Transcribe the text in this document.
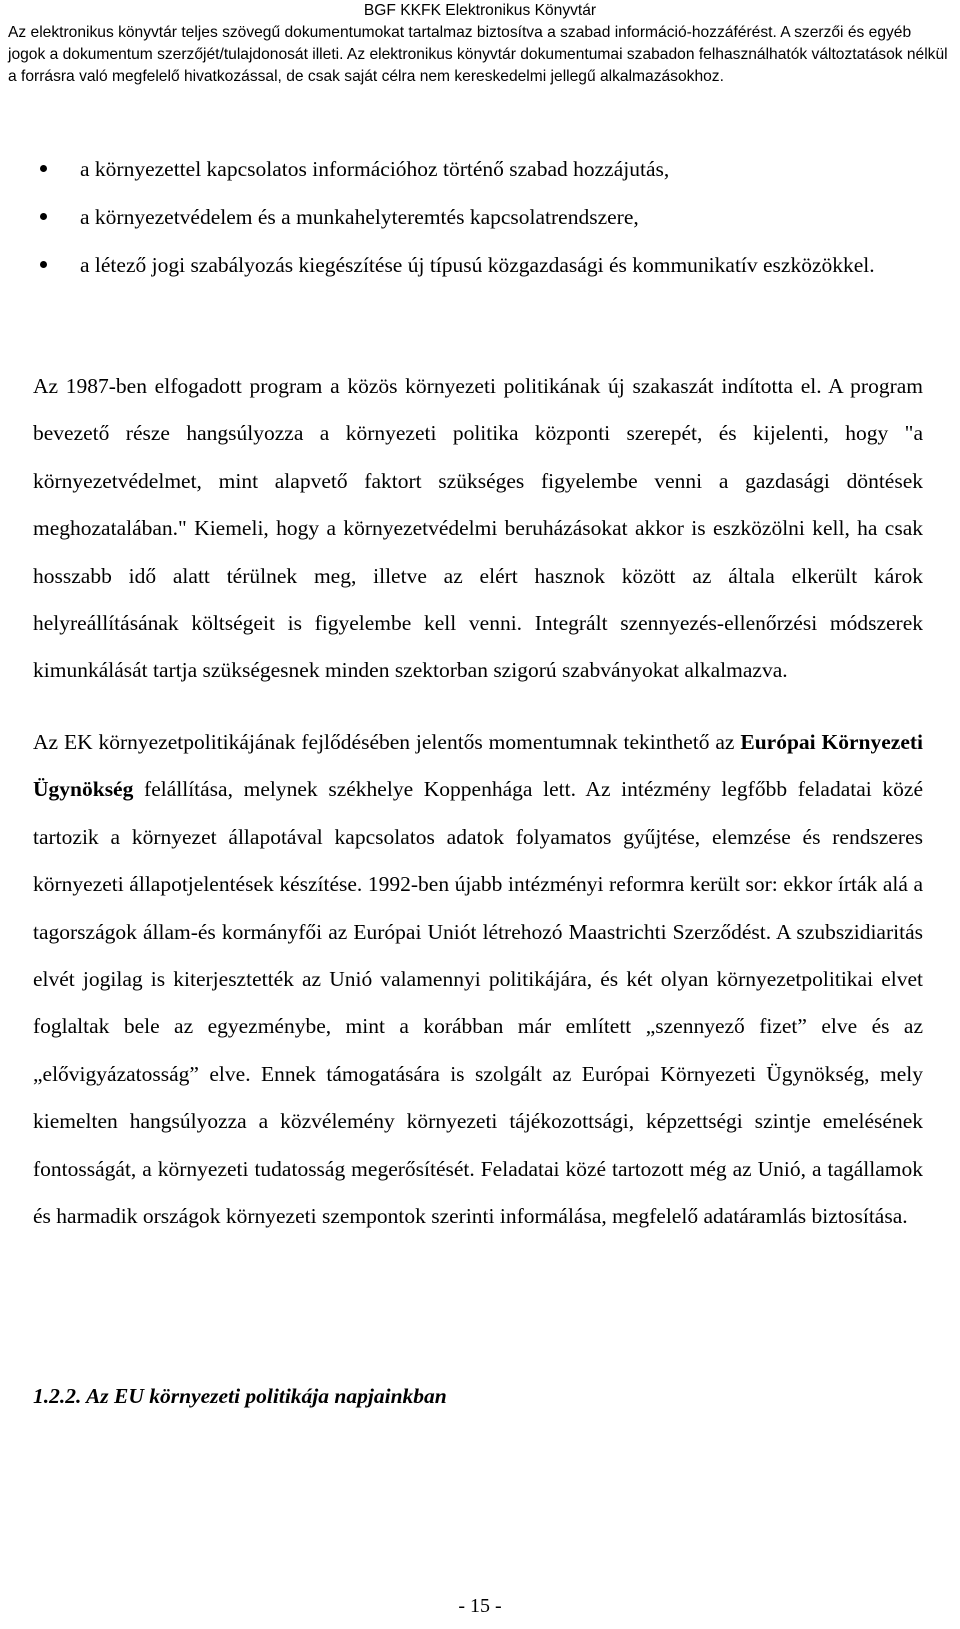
BGF KKFK Elektronikus Könyvtár
Az elektronikus könyvtár teljes szövegű dokumentumokat tartalmaz biztosítva a szabad információ-hozzáférést. A szerzői és egyéb jogok a dokumentum szerzőjét/tulajdonosát illeti. Az elektronikus könyvtár dokumentumai szabadon felhasználhatók változtatások nélkül a forrásra való megfelelő hivatkozással, de csak saját célra nem kereskedelmi jellegű alkalmazásokhoz.
a környezettel kapcsolatos információhoz történő szabad hozzájutás,
a környezetvédelem és a munkahelyteremtés kapcsolatrendszere,
a létező jogi szabályozás kiegészítése új típusú közgazdasági és kommunikatív eszközökkel.

Az 1987-ben elfogadott program a közös környezeti politikának új szakaszát indította el. A program bevezető része hangsúlyozza a környezeti politika központi szerepét, és kijelenti, hogy "a környezetvédelmet, mint alapvető faktort szükséges figyelembe venni a gazdasági döntések meghozatalában." Kiemeli, hogy a környezetvédelmi beruházásokat akkor is eszközölni kell, ha csak hosszabb idő alatt térülnek meg, illetve az elért hasznok között az általa elkerült károk helyreállításának költségeit is figyelembe kell venni. Integrált szennyezés-ellenőrzési módszerek kimunkálását tartja szükségesnek minden szektorban szigorú szabványokat alkalmazva.

Az EK környezetpolitikájának fejlődésében jelentős momentumnak tekinthető az Európai Környezeti Ügynökség felállítása, melynek székhelye Koppenhága lett. Az intézmény legfőbb feladatai közé tartozik a környezet állapotával kapcsolatos adatok folyamatos gyűjtése, elemzése és rendszeres környezeti állapotjelentések készítése. 1992-ben újabb intézményi reformra került sor: ekkor írták alá a tagországok állam-és kormányfői az Európai Uniót létrehozó Maastrichti Szerződést. A szubszidiaritás elvét jogilag is kiterjesztették az Unió valamennyi politikájára, és két olyan környezetpolitikai elvet foglaltak bele az egyezménybe, mint a korábban már említett „szennyező fizet” elve és az „elővigyázatosság” elve. Ennek támogatására is szolgált az Európai Környezeti Ügynökség, mely kiemelten hangsúlyozza a közvélemény környezeti tájékozottsági, képzettségi szintje emelésének fontosságát, a környezeti tudatosság megerősítését. Feladatai közé tartozott még az Unió, a tagállamok és harmadik országok környezeti szempontok szerinti informálása, megfelelő adatáramlás biztosítása.

1.2.2. Az EU környezeti politikája napjainkban

- 15 -
